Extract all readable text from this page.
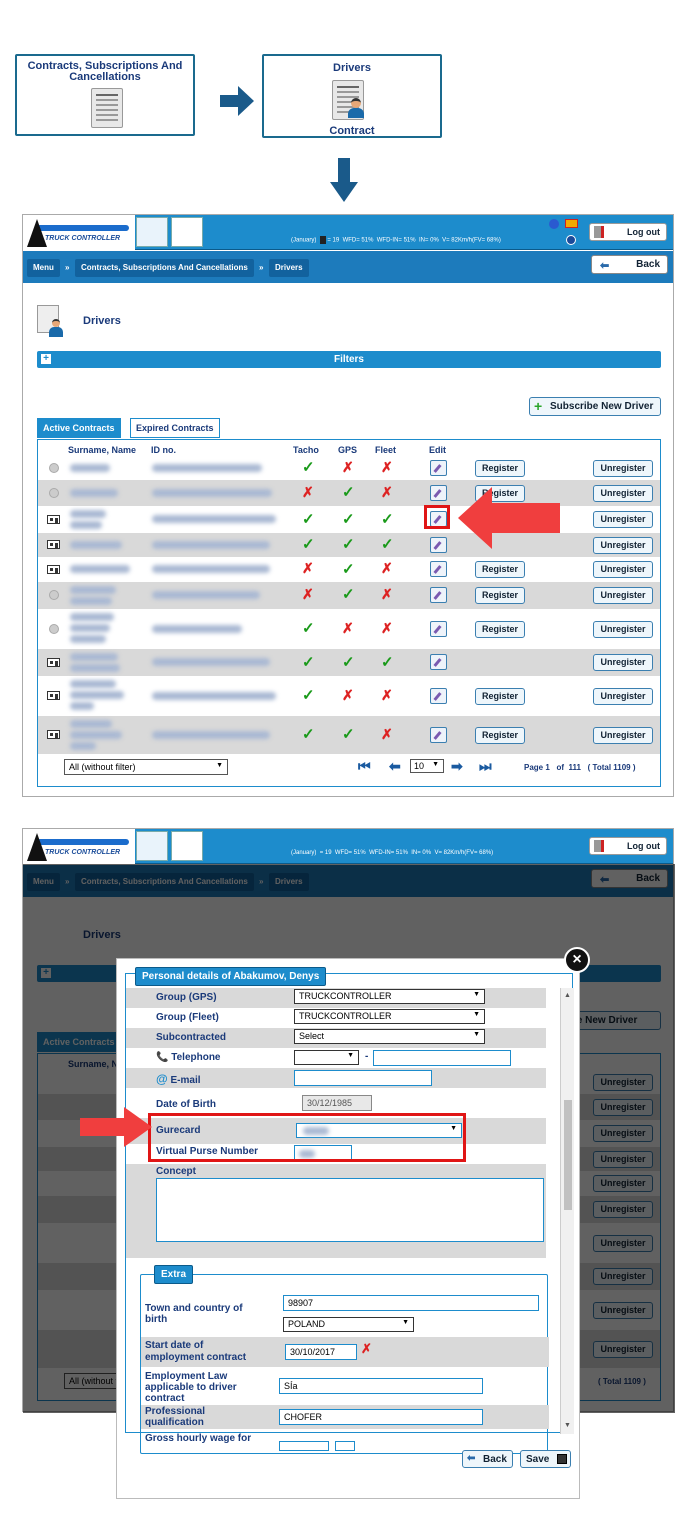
Contracts, Subscriptions And Cancellations
Drivers
Contract
TRUCK CONTROLLER	(January) = 19 WFD= 51% WFD-IN= 51% IN= 0% V= 82Km/h(FV= 68%)
Log out
Menu	»	Contracts, Subscriptions And Cancellations	»	Drivers	⬅	Back
Drivers
+	Filters
+ Subscribe New Driver
Active Contracts	Expired Contracts
Surname, Name ID no.	Tacho GPS Fleet	Edit
✓ ✗ ✗	Register	Unregister
✗ ✓ ✗	Register	Unregister
✓ ✓ ✓	Unregister
✓ ✓ ✓	Unregister
✗ ✓ ✗	Register	Unregister
✗ ✓ ✗	Register	Unregister
✓ ✗ ✗	Register	Unregister
✓ ✓ ✓	Unregister
✓ ✗ ✗	Register	Unregister
✓ ✓ ✗	Register	Unregister
All (without filter)	▼	⏮ ⬅	10 ▼ ➡ ⏭	Page 1 of 111 ( Total 1109 )
TRUCK CONTROLLER	(January) = 19 WFD= 51% WFD-IN= 51% IN= 0% V= 82Km/h(FV= 68%)
Log out
Group (GPS)	TRUCKCONTROLLER	▼
Group (Fleet)	TRUCKCONTROLLER	▼
Subcontracted	Select	▼
📞 Telephone	▼ -
@ E-mail
Date of Birth	30/12/1985
Gurecard	▼
Virtual Purse Number
Concept
Town and country of
birth
98907
POLAND	▼
Start date of
employment contract	30/10/2017	✗
Employment Law
applicable to driver
contract
SÍa
Professional
qualification	CHOFER
Gross hourly wage for
Extra
▲
▼
Personal details of Abakumov, Denys
⬅ Back Save
×
